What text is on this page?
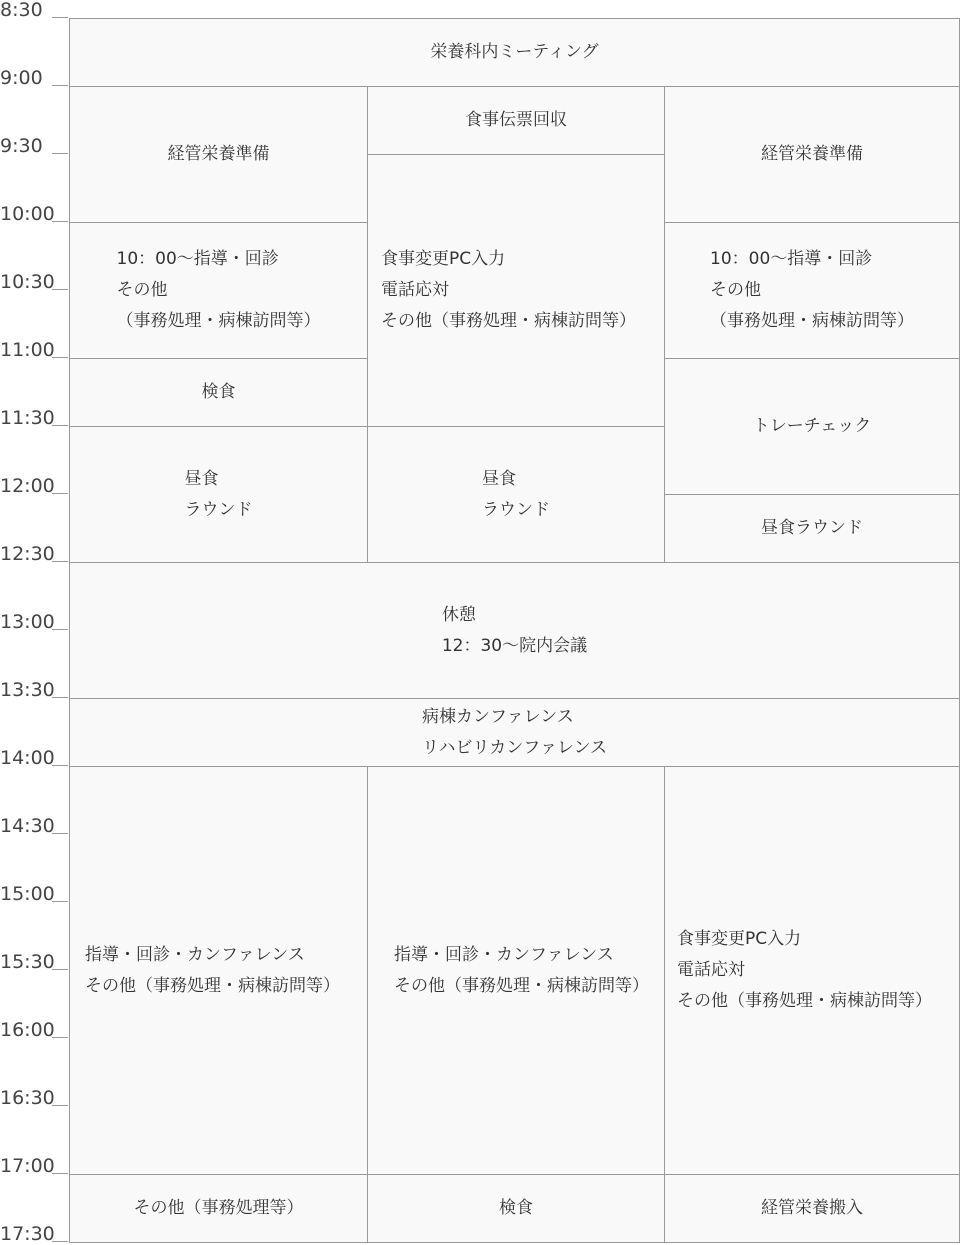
8:30
9:00
9:30
10:00
10:30
11:00
11:30
12:00
12:30
13:00
13:30
14:00
14:30
15:00
15:30
16:00
16:30
17:00
17:30
栄養科内ミーティング
経管栄養準備
10：00～指導・回診
その他
（事務処理・病棟訪問等）
検食
昼食
ラウンド
食事伝票回収
食事変更PC入力
電話応対
その他（事務処理・病棟訪問等）
昼食
ラウンド
経管栄養準備
10：00～指導・回診
その他
（事務処理・病棟訪問等）
トレーチェック
昼食ラウンド
休憩
12：30～院内会議
病棟カンファレンス
リハビリカンファレンス
指導・回診・カンファレンス
その他（事務処理・病棟訪問等）
指導・回診・カンファレンス
その他（事務処理・病棟訪問等）
食事変更PC入力
電話応対
その他（事務処理・病棟訪問等）
その他（事務処理等）	検食	経管栄養搬入
